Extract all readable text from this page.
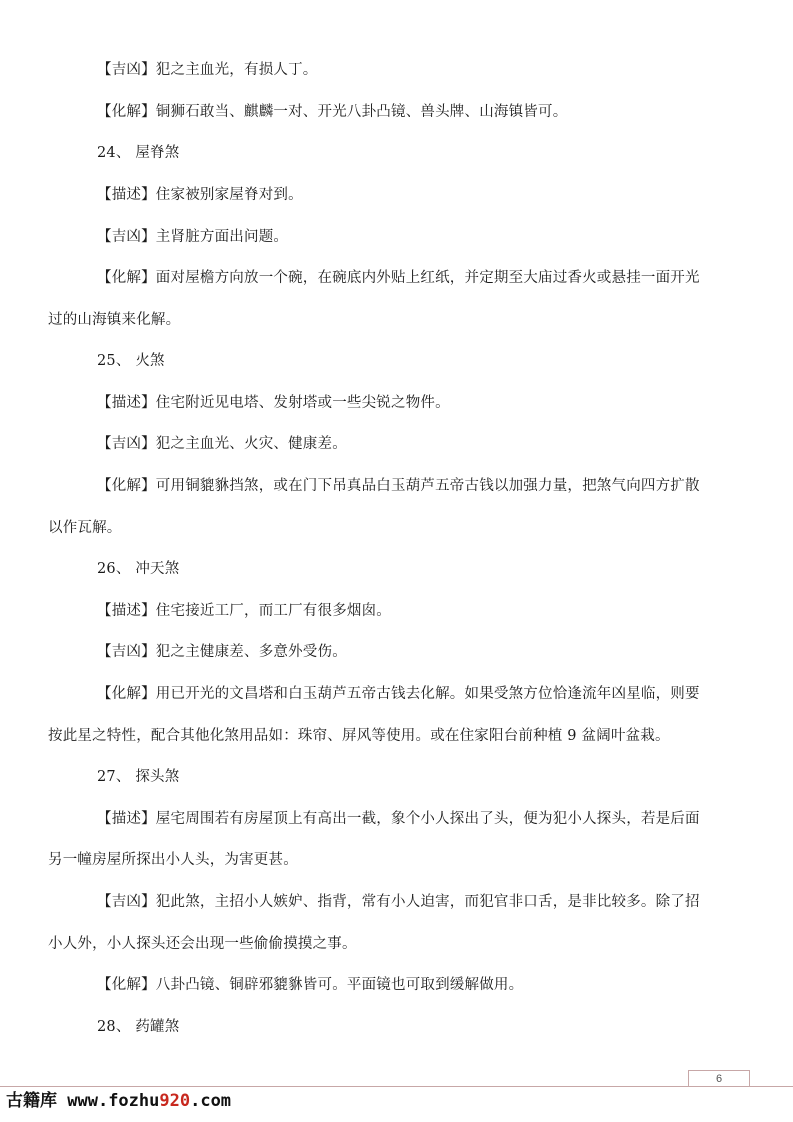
【吉凶】犯之主血光，有损人丁。
【化解】铜狮石敢当、麒麟一对、开光八卦凸镜、兽头牌、山海镇皆可。
24、 屋脊煞
【描述】住家被别家屋脊对到。
【吉凶】主肾脏方面出问题。
【化解】面对屋檐方向放一个碗，在碗底内外贴上红纸，并定期至大庙过香火或悬挂一面开光
过的山海镇来化解。
25、 火煞
【描述】住宅附近见电塔、发射塔或一些尖锐之物件。
【吉凶】犯之主血光、火灾、健康差。
【化解】可用铜貔貅挡煞，或在门下吊真品白玉葫芦五帝古钱以加强力量，把煞气向四方扩散
以作瓦解。
26、 冲天煞
【描述】住宅接近工厂，而工厂有很多烟囱。
【吉凶】犯之主健康差、多意外受伤。
【化解】用已开光的文昌塔和白玉葫芦五帝古钱去化解。如果受煞方位恰逢流年凶星临，则要
按此星之特性，配合其他化煞用品如：珠帘、屏风等使用。或在住家阳台前种植 9 盆阔叶盆栽。
27、 探头煞
【描述】屋宅周围若有房屋顶上有高出一截，象个小人探出了头，便为犯小人探头，若是后面
另一幢房屋所探出小人头，为害更甚。
【吉凶】犯此煞，主招小人嫉妒、指背，常有小人迫害，而犯官非口舌，是非比较多。除了招
小人外，小人探头还会出现一些偷偷摸摸之事。
【化解】八卦凸镜、铜辟邪貔貅皆可。平面镜也可取到缓解做用。
28、 药罐煞
6
古籍库 www.fozhu920.com
